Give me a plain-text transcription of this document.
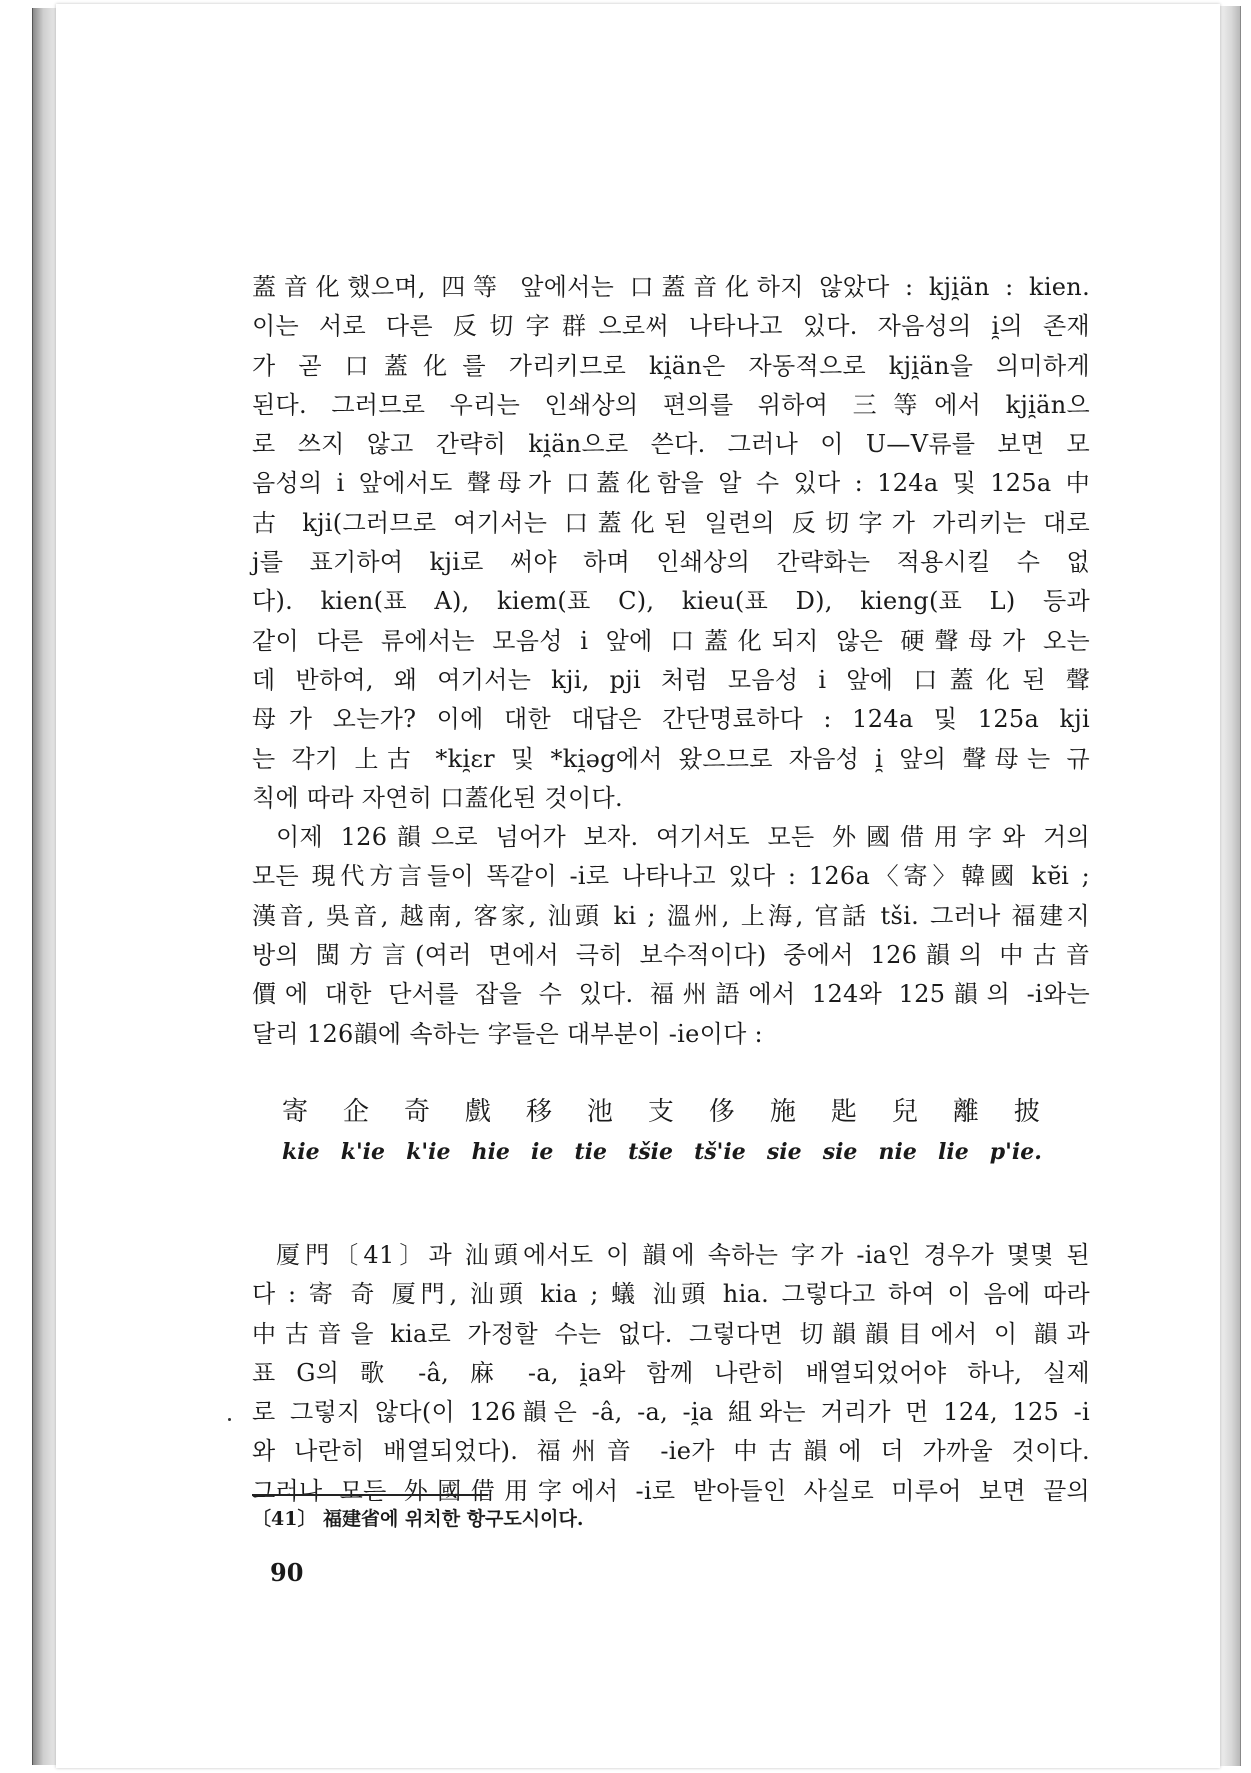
蓋音化했으며, 四等 앞에서는 口蓋音化하지 않았다 : kji̯än : kien.
이는 서로 다른 反切字群으로써 나타나고 있다. 자음성의 i̯의 존재
가 곧 口蓋化를 가리키므로 ki̯än은 자동적으로 kji̯än을 의미하게
된다. 그러므로 우리는 인쇄상의 편의를 위하여 三等에서 kji̯än으
로 쓰지 않고 간략히 ki̯än으로 쓴다. 그러나 이 U—V류를 보면 모
음성의 i 앞에서도 聲母가 口蓋化함을 알 수 있다 : 124a 및 125a 中
古 kji(그러므로 여기서는 口蓋化된 일련의 反切字가 가리키는 대로
j를 표기하여 kji로 써야 하며 인쇄상의 간략화는 적용시킬 수 없
다). kien(표 A), kiem(표 C), kieu(표 D), kieng(표 L) 등과
같이 다른 류에서는 모음성 i 앞에 口蓋化되지 않은 硬聲母가 오는
데 반하여, 왜 여기서는 kji, pji 처럼 모음성 i 앞에 口蓋化된 聲
母가 오는가? 이에 대한 대답은 간단명료하다 : 124a 및 125a kji
는 각기 上古 *ki̯ɛr 및 *ki̯əg에서 왔으므로 자음성 i̯ 앞의 聲母는 규
칙에 따라 자연히 口蓋化된 것이다.

이제 126韻으로 넘어가 보자. 여기서도 모든 外國借用字와 거의
모든 現代方言들이 똑같이 -i로 나타나고 있다 : 126a〈寄〉韓國 kɐ̆i ;
漢音, 吳音, 越南, 客家, 汕頭 ki ; 溫州, 上海, 官話 tši. 그러나 福建지
방의 閩方言(여러 면에서 극히 보수적이다) 중에서 126韻의 中古音
價에 대한 단서를 잡을 수 있다. 福州語에서 124와 125韻의 -i와는
달리 126韻에 속하는 字들은 대부분이 -ie이다 :

寄 企 奇 戲 移 池 支 侈 施 匙 兒 離 披
kie k'ie k'ie hie ie tie tšie tš'ie sie sie nie lie p'ie.

厦門〔41〕과 汕頭에서도 이 韻에 속하는 字가 -ia인 경우가 몇몇 된
다 : 寄 奇 厦門, 汕頭 kia ; 蟻 汕頭 hia. 그렇다고 하여 이 음에 따라
中古音을 kia로 가정할 수는 없다. 그렇다면 切韻韻目에서 이 韻과
표 G의 歌 -â, 麻 -a, i̯a와 함께 나란히 배열되었어야 하나, 실제
로 그렇지 않다(이 126韻은 -â, -a, -i̯a 組와는 거리가 먼 124, 125 -i
와 나란히 배열되었다). 福州音 -ie가 中古韻에 더 가까울 것이다.
그러나 모든 外國借用字에서 -i로 받아들인 사실로 미루어 보면 끝의

〔41〕 福建省에 위치한 항구도시이다.
90
